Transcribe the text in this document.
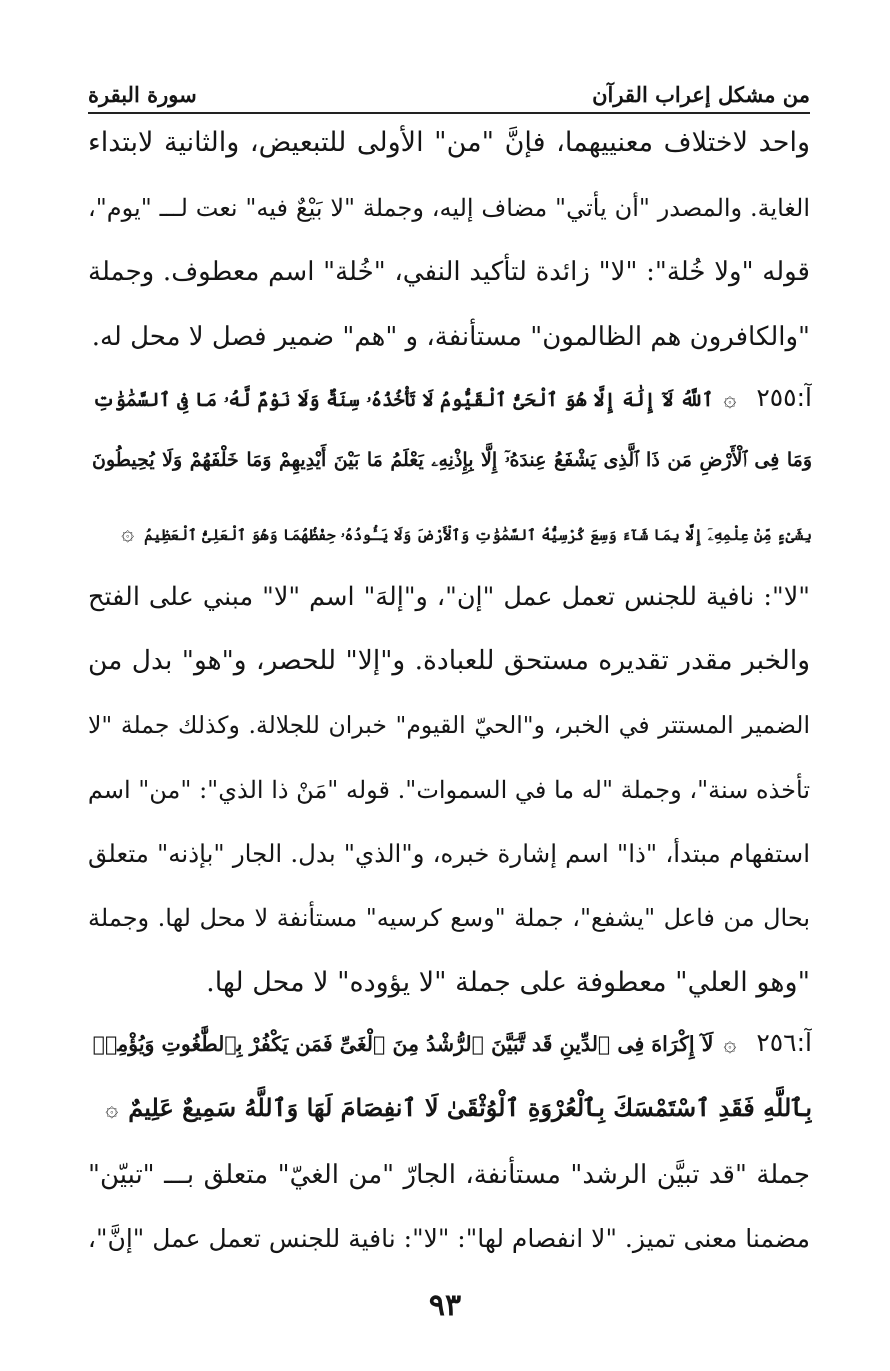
من مشكل إعراب القرآن
سورة البقرة
واحد لاختلاف معنييهما، فإنَّ "من" الأولى للتبعيض، والثانية لابتداء
الغاية. والمصدر "أن يأتي" مضاف إليه، وجملة "لا بَيْعٌ فيه" نعت لـــ "يوم"،
قوله "ولا خُلة": "لا" زائدة لتأكيد النفي، "خُلة" اسم معطوف. وجملة
"والكافرون هم الظالمون" مستأنفة، و "هم" ضمير فصل لا محل له.
آ:٢٥٥۞ٱللَّهُ لَآ إِلَٰهَ إِلَّا هُوَ ٱلْحَىُّ ٱلْقَيُّومُ لَا تَأْخُذُهُۥ سِنَةٌ وَلَا نَوْمٌ لَّهُۥ مَا فِى ٱلسَّمَٰوَٰتِ
وَمَا فِى ٱلْأَرْضِ مَن ذَا ٱلَّذِى يَشْفَعُ عِندَهُۥٓ إِلَّا بِإِذْنِهِۦ يَعْلَمُ مَا بَيْنَ أَيْدِيهِمْ وَمَا خَلْفَهُمْ وَلَا يُحِيطُونَ
بِشَىْءٍ مِّنْ عِلْمِهِۦٓ إِلَّا بِمَا شَآءَ وَسِعَ كُرْسِيُّهُ ٱلسَّمَٰوَٰتِ وَٱلْأَرْضَ وَلَا يَـُٔودُهُۥ حِفْظُهُمَا وَهُوَ ٱلْعَلِىُّ ٱلْعَظِيمُ۞
"لا": نافية للجنس تعمل عمل "إن"، و"إلهَ" اسم "لا" مبني على الفتح
والخبر مقدر تقديره مستحق للعبادة. و"إلا" للحصر، و"هو" بدل من
الضمير المستتر في الخبر، و"الحيّ القيوم" خبران للجلالة. وكذلك جملة "لا
تأخذه سنة"، وجملة "له ما في السموات". قوله "مَنْ ذا الذي": "من" اسم
استفهام مبتدأ، "ذا" اسم إشارة خبره، و"الذي" بدل. الجار "بإذنه" متعلق
بحال من فاعل "يشفع"، جملة "وسع كرسيه" مستأنفة لا محل لها. وجملة
"وهو العلي" معطوفة على جملة "لا يؤوده" لا محل لها.
آ:٢٥٦۞لَآ إِكْرَاهَ فِى ٱلدِّينِ قَد تَّبَيَّنَ ٱلرُّشْدُ مِنَ ٱلْغَىِّ فَمَن يَكْفُرْ بِٱلطَّٰغُوتِ وَيُؤْمِنۢ
بِٱللَّهِ فَقَدِ ٱسْتَمْسَكَ بِٱلْعُرْوَةِ ٱلْوُثْقَىٰ لَا ٱنفِصَامَ لَهَا وَٱللَّهُ سَمِيعٌ عَلِيمٌ۞
جملة "قد تبيَّن الرشد" مستأنفة، الجارّ "من الغيّ" متعلق بـــ "تبيّن"
مضمنا معنى تميز. "لا انفصام لها": "لا": نافية للجنس تعمل عمل "إنَّ"،
٩٣
